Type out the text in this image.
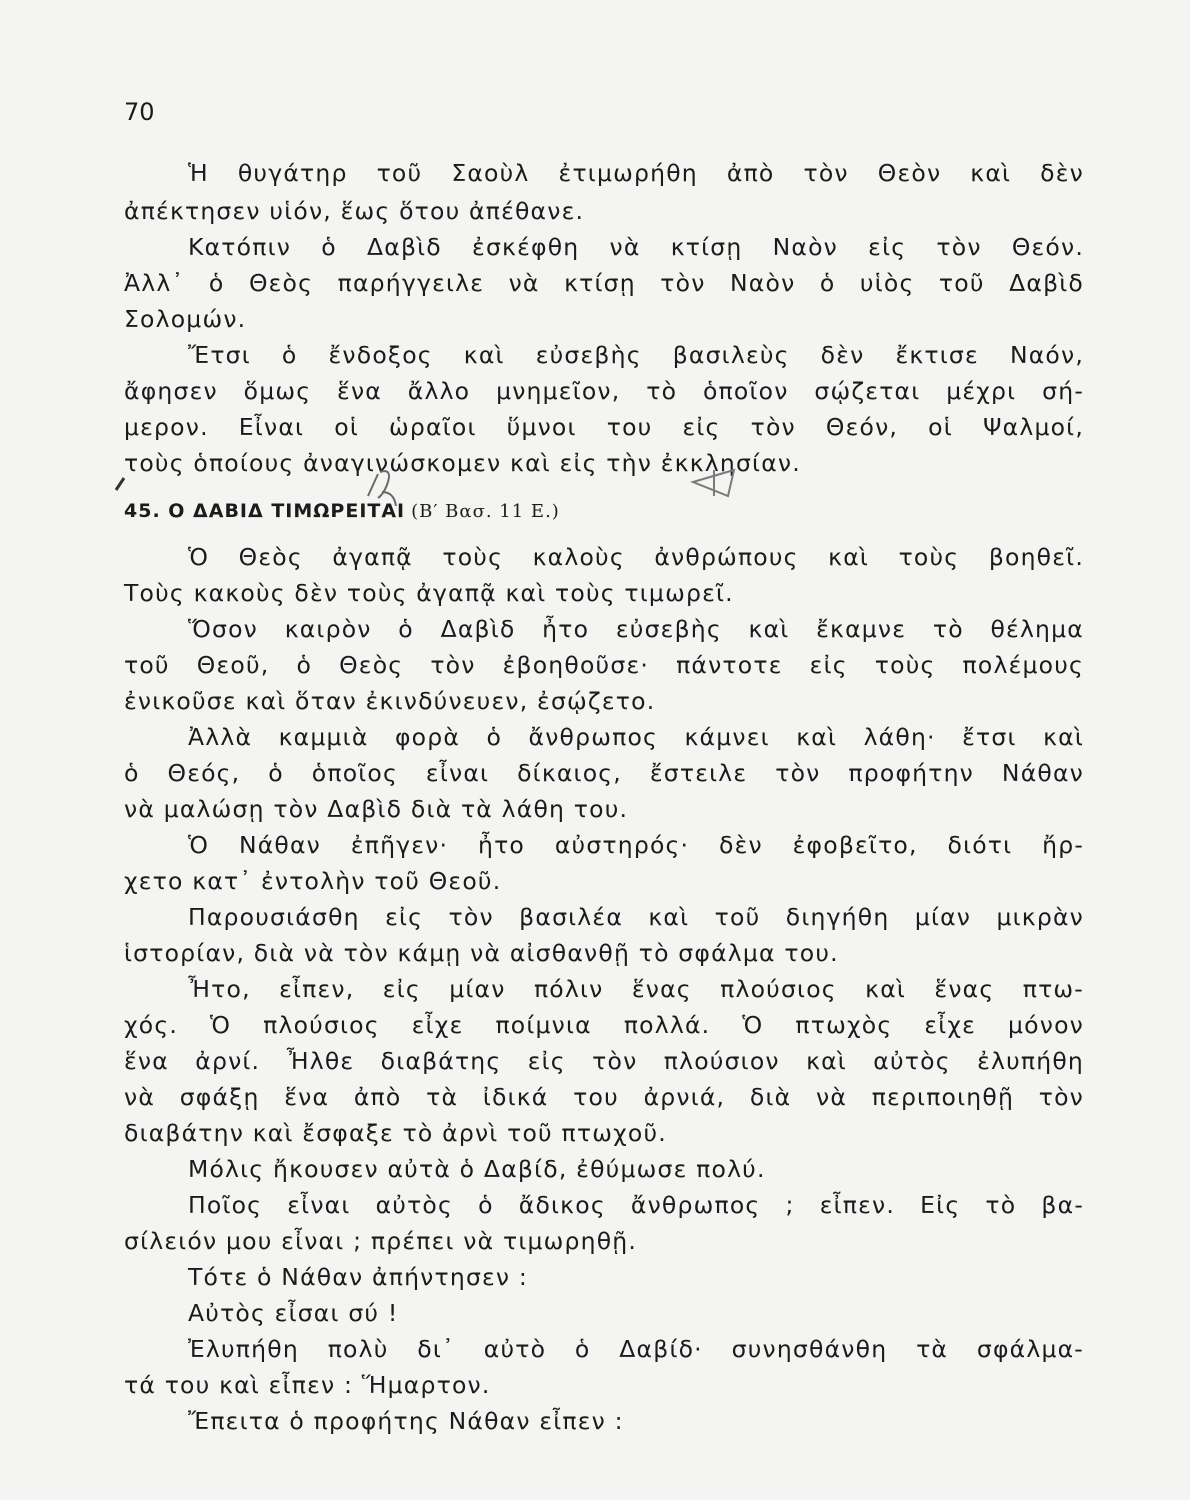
70
Ἡ θυγάτηρ τοῦ Σαοὺλ ἐτιμωρήθη ἀπὸ τὸν Θεὸν καὶ δὲν
ἀπέκτησεν υἱόν, ἕως ὅτου ἀπέθανε.
Κατόπιν ὁ Δαβὶδ ἐσκέφθη νὰ κτίσῃ Ναὸν εἰς τὸν Θεόν.
Ἀλλ᾽ ὁ Θεὸς παρήγγειλε νὰ κτίσῃ τὸν Ναὸν ὁ υἱὸς τοῦ Δαβὶδ
Σολομών.
Ἔτσι ὁ ἔνδοξος καὶ εὐσεβὴς βασιλεὺς δὲν ἔκτισε Ναόν,
ἄφησεν ὅμως ἕνα ἄλλο μνημεῖον, τὸ ὁποῖον σῴζεται μέχρι σή-
μερον. Εἶναι οἱ ὡραῖοι ὕμνοι του εἰς τὸν Θεόν, οἱ Ψαλμοί,
τοὺς ὁποίους ἀναγινώσκομεν καὶ εἰς τὴν ἐκκλησίαν.
45. Ο ΔΑΒΙΔ ΤΙΜΩΡΕΙΤΑΙ (Β′ Βασ. 11 Ε.)
Ὁ Θεὸς ἀγαπᾷ τοὺς καλοὺς ἀνθρώπους καὶ τοὺς βοηθεῖ.
Τοὺς κακοὺς δὲν τοὺς ἀγαπᾷ καὶ τοὺς τιμωρεῖ.
Ὅσον καιρὸν ὁ Δαβὶδ ἦτο εὐσεβὴς καὶ ἔκαμνε τὸ θέλημα
τοῦ Θεοῦ, ὁ Θεὸς τὸν ἐβοηθοῦσε· πάντοτε εἰς τοὺς πολέμους
ἐνικοῦσε καὶ ὅταν ἐκινδύνευεν, ἐσῴζετο.
Ἀλλὰ καμμιὰ φορὰ ὁ ἄνθρωπος κάμνει καὶ λάθη· ἔτσι καὶ
ὁ Θεός, ὁ ὁποῖος εἶναι δίκαιος, ἔστειλε τὸν προφήτην Νάθαν
νὰ μαλώσῃ τὸν Δαβὶδ διὰ τὰ λάθη του.
Ὁ Νάθαν ἐπῆγεν· ἦτο αὐστηρός· δὲν ἐφοβεῖτο, διότι ἤρ-
χετο κατ᾽ ἐντολὴν τοῦ Θεοῦ.
Παρουσιάσθη εἰς τὸν βασιλέα καὶ τοῦ διηγήθη μίαν μικρὰν
ἱστορίαν, διὰ νὰ τὸν κάμῃ νὰ αἰσθανθῇ τὸ σφάλμα του.
Ἦτο, εἶπεν, εἰς μίαν πόλιν ἕνας πλούσιος καὶ ἕνας πτω-
χός. Ὁ πλούσιος εἶχε ποίμνια πολλά. Ὁ πτωχὸς εἶχε μόνον
ἕνα ἀρνί. Ἦλθε διαβάτης εἰς τὸν πλούσιον καὶ αὐτὸς ἐλυπήθη
νὰ σφάξῃ ἕνα ἀπὸ τὰ ἰδικά του ἀρνιά, διὰ νὰ περιποιηθῇ τὸν
διαβάτην καὶ ἔσφαξε τὸ ἀρνὶ τοῦ πτωχοῦ.
Μόλις ἤκουσεν αὐτὰ ὁ Δαβίδ, ἐθύμωσε πολύ.
Ποῖος εἶναι αὐτὸς ὁ ἄδικος ἄνθρωπος ; εἶπεν. Εἰς τὸ βα-
σίλειόν μου εἶναι ; πρέπει νὰ τιμωρηθῇ.
Τότε ὁ Νάθαν ἀπήντησεν :
Αὐτὸς εἶσαι σύ !
Ἐλυπήθη πολὺ δι᾽ αὐτὸ ὁ Δαβίδ· συνησθάνθη τὰ σφάλμα-
τά του καὶ εἶπεν : Ἥμαρτον.
Ἔπειτα ὁ προφήτης Νάθαν εἶπεν :
